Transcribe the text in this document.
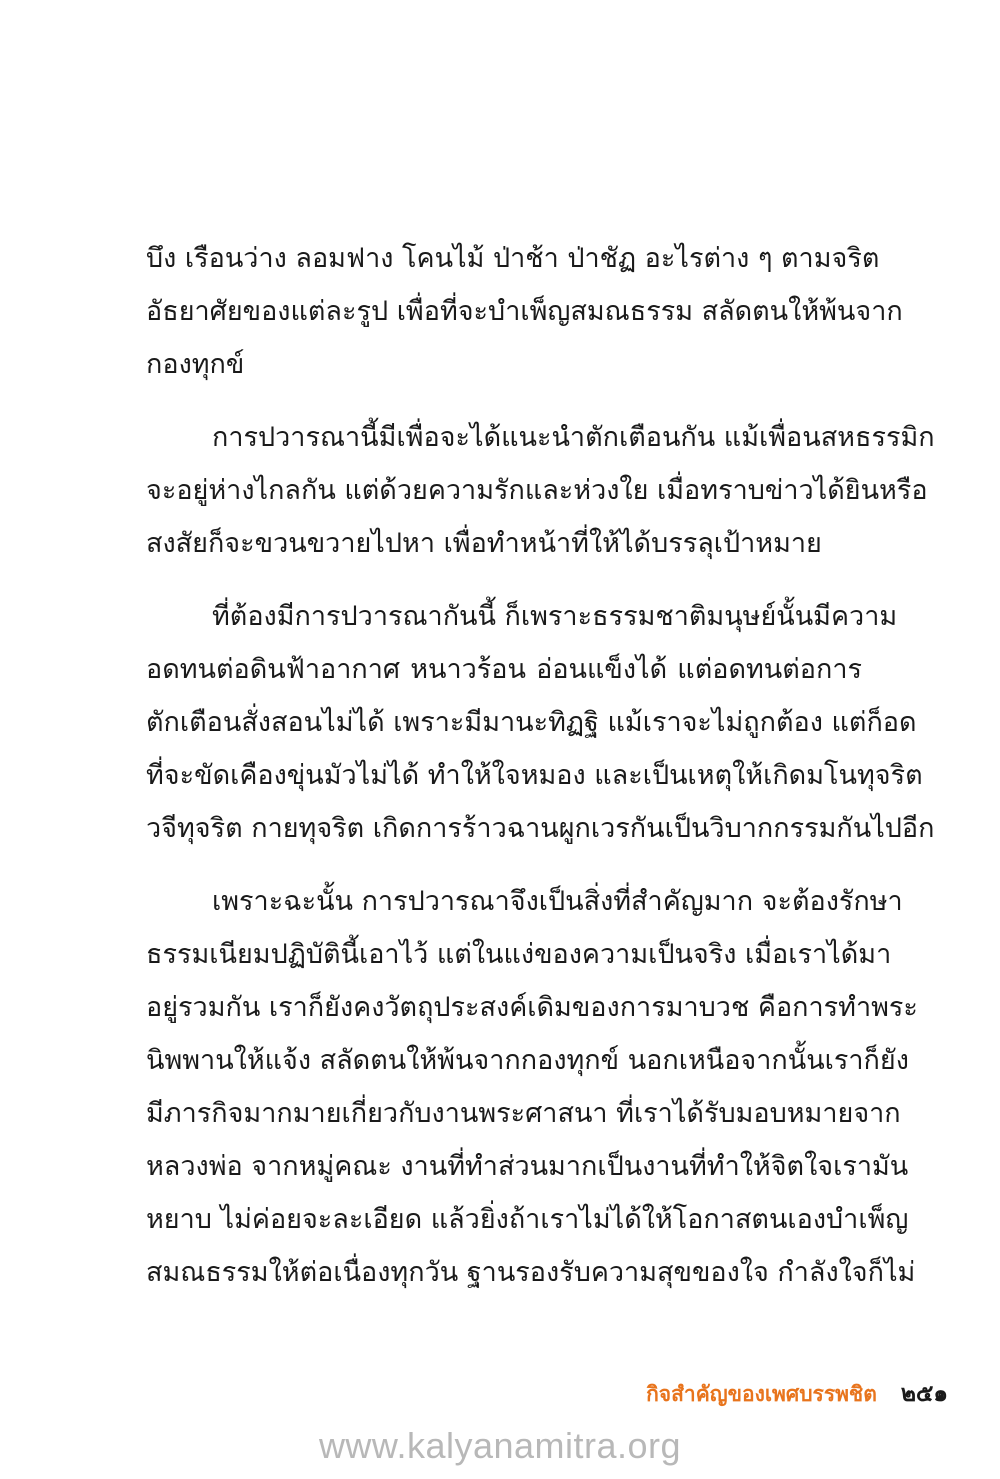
บึง เรือนว่าง ลอมฟาง โคนไม้ ป่าช้า ป่าชัฏ อะไรต่าง ๆ ตามจริต
อัธยาศัยของแต่ละรูป เพื่อที่จะบำเพ็ญสมณธรรม สลัดตนให้พ้นจาก
กองทุกข์
การปวารณานี้มีเพื่อจะได้แนะนำตักเตือนกัน แม้เพื่อนสหธรรมิก
จะอยู่ห่างไกลกัน แต่ด้วยความรักและห่วงใย เมื่อทราบข่าวได้ยินหรือ
สงสัยก็จะขวนขวายไปหา เพื่อทำหน้าที่ให้ได้บรรลุเป้าหมาย
ที่ต้องมีการปวารณากันนี้ ก็เพราะธรรมชาติมนุษย์นั้นมีความ
อดทนต่อดินฟ้าอากาศ หนาวร้อน อ่อนแข็งได้ แต่อดทนต่อการ
ตักเตือนสั่งสอนไม่ได้ เพราะมีมานะทิฏฐิ แม้เราจะไม่ถูกต้อง แต่ก็อด
ที่จะขัดเคืองขุ่นมัวไม่ได้ ทำให้ใจหมอง และเป็นเหตุให้เกิดมโนทุจริต
วจีทุจริต กายทุจริต เกิดการร้าวฉานผูกเวรกันเป็นวิบากกรรมกันไปอีก
เพราะฉะนั้น การปวารณาจึงเป็นสิ่งที่สำคัญมาก จะต้องรักษา
ธรรมเนียมปฏิบัตินี้เอาไว้ แต่ในแง่ของความเป็นจริง เมื่อเราได้มา
อยู่รวมกัน เราก็ยังคงวัตถุประสงค์เดิมของการมาบวช คือการทำพระ
นิพพานให้แจ้ง สลัดตนให้พ้นจากกองทุกข์ นอกเหนือจากนั้นเราก็ยัง
มีภารกิจมากมายเกี่ยวกับงานพระศาสนา ที่เราได้รับมอบหมายจาก
หลวงพ่อ จากหมู่คณะ งานที่ทำส่วนมากเป็นงานที่ทำให้จิตใจเรามัน
หยาบ ไม่ค่อยจะละเอียด แล้วยิ่งถ้าเราไม่ได้ให้โอกาสตนเองบำเพ็ญ
สมณธรรมให้ต่อเนื่องทุกวัน ฐานรองรับความสุขของใจ กำลังใจก็ไม่
กิจสำคัญของเพศบรรพชิต ๒๕๑
www.kalyanamitra.org
